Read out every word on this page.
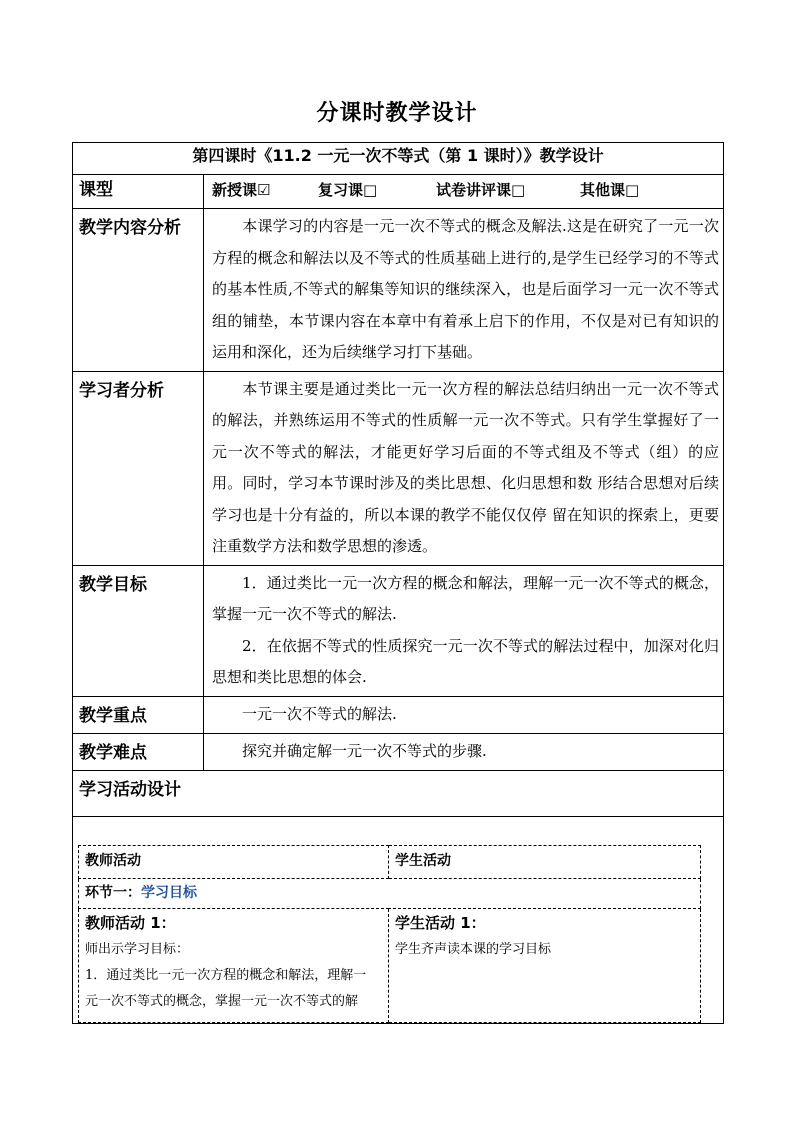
分课时教学设计
第四课时《11.2 一元一次不等式（第 1 课时）》教学设计
课型	新授课☑	复习课□	试卷讲评课□	其他课□
教学内容分析	本课学习的内容是一元一次不等式的概念及解法.这是在研究了一元一次方程的概念和解法以及不等式的性质基础上进行的,是学生已经学习的不等式的基本性质,不等式的解集等知识的继续深入，也是后面学习一元一次不等式组的铺垫，本节课内容在本章中有着承上启下的作用，不仅是对已有知识的运用和深化，还为后续继学习打下基础。
学习者分析	本节课主要是通过类比一元一次方程的解法总结归纳出一元一次不等式的解法，并熟练运用不等式的性质解一元一次不等式。只有学生掌握好了一元一次不等式的解法，才能更好学习后面的不等式组及不等式（组）的应用。同时，学习本节课时涉及的类比思想、化归思想和数 形结合思想对后续学习也是十分有益的，所以本课的教学不能仅仅停 留在知识的探索上，更要注重数学方法和数学思想的渗透。
教学目标	1．通过类比一元一次方程的概念和解法，理解一元一次不等式的概念，掌握一元一次不等式的解法.
2．在依据不等式的性质探究一元一次不等式的解法过程中，加深对化归思想和类比思想的体会.

教学重点	一元一次不等式的解法.
教学难点	探究并确定解一元一次不等式的步骤.
学习活动设计

教师活动	学生活动
环节一：学习目标

教师活动 1：
师出示学习目标：
1．通过类比一元一次方程的概念和解法，理解一
元一次不等式的概念，掌握一元一次不等式的解

学生活动 1：
学生齐声读本课的学习目标
